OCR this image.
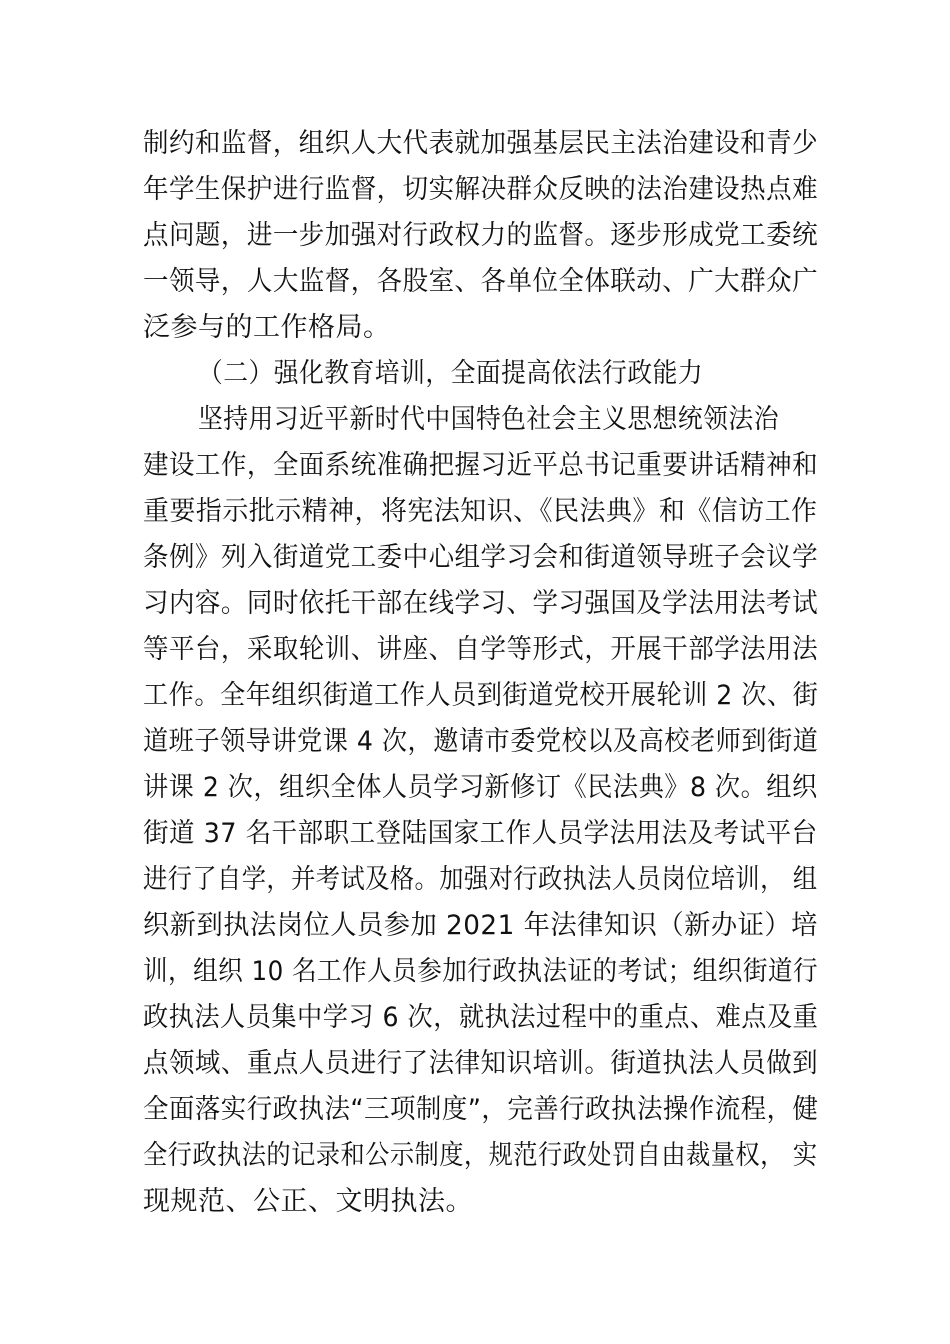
制约和监督，组织人大代表就加强基层民主法治建设和青少
年学生保护进行监督，切实解决群众反映的法治建设热点难
点问题，进一步加强对行政权力的监督。逐步形成党工委统
一领导，人大监督，各股室、各单位全体联动、广大群众广
泛参与的工作格局。
（二）强化教育培训，全面提高依法行政能力
坚持用习近平新时代中国特色社会主义思想统领法治
建设工作，全面系统准确把握习近平总书记重要讲话精神和
重要指示批示精神，将宪法知识、《民法典》和《信访工作
条例》列入街道党工委中心组学习会和街道领导班子会议学
习内容。同时依托干部在线学习、学习强国及学法用法考试
等平台，采取轮训、讲座、自学等形式，开展干部学法用法
工作。全年组织街道工作人员到街道党校开展轮训 2 次、街
道班子领导讲党课 4 次，邀请市委党校以及高校老师到街道
讲课 2 次，组织全体人员学习新修订《民法典》8 次。组织
街道 37 名干部职工登陆国家工作人员学法用法及考试平台
进行了自学，并考试及格。加强对行政执法人员岗位培训， 组
织新到执法岗位人员参加 2021 年法律知识（新办证）培
训，组织 10 名工作人员参加行政执法证的考试；组织街道行
政执法人员集中学习 6 次，就执法过程中的重点、难点及重
点领域、重点人员进行了法律知识培训。街道执法人员做到
全面落实行政执法“三项制度”，完善行政执法操作流程，健
全行政执法的记录和公示制度，规范行政处罚自由裁量权， 实
现规范、公正、文明执法。
